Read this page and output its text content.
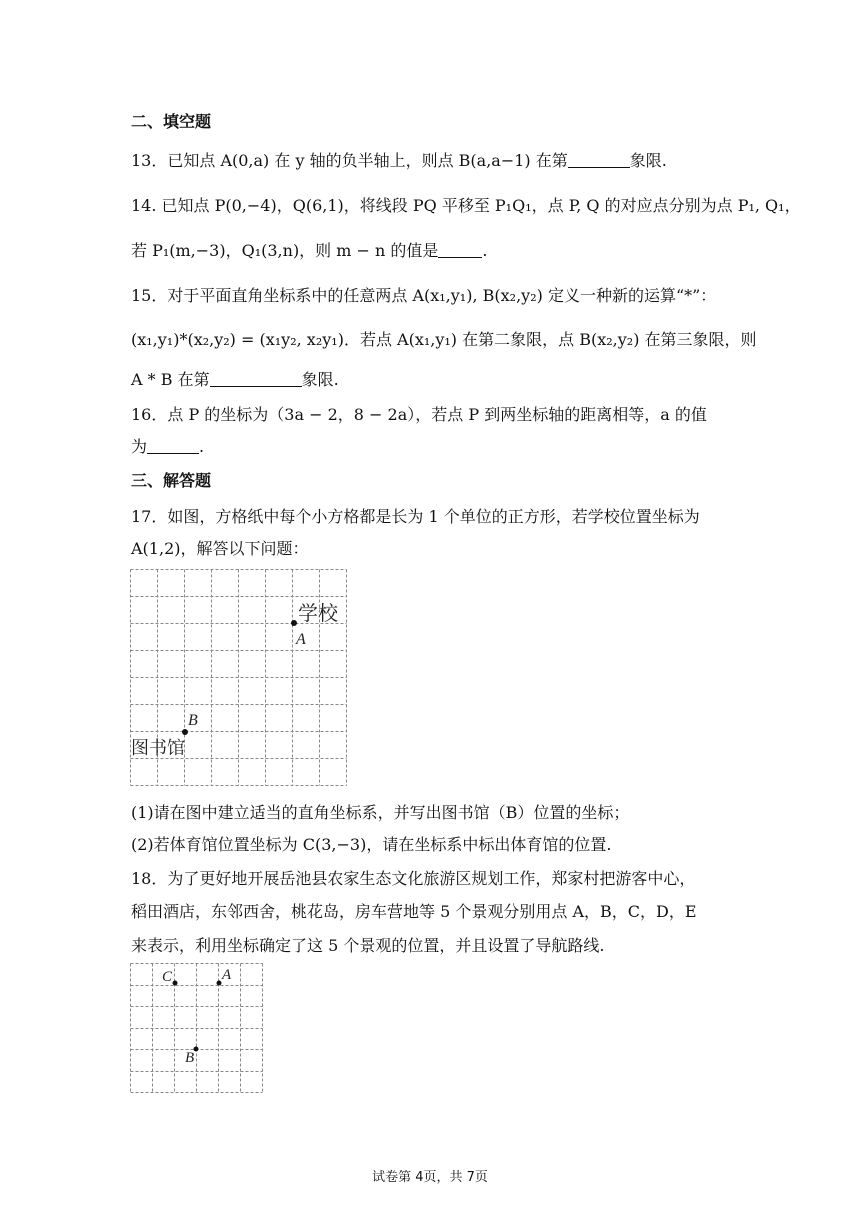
二、填空题
13．已知点 A(0,a) 在 y 轴的负半轴上，则点 B(a,a−1) 在第	象限.
14. 已知点 P(0,−4)，Q(6,1)，将线段 PQ 平移至 P₁Q₁，点 P, Q 的对应点分别为点 P₁, Q₁，
若 P₁(m,−3)，Q₁(3,n)，则 m − n 的值是	.
15．对于平面直角坐标系中的任意两点 A(x₁,y₁), B(x₂,y₂) 定义一种新的运算“*”：
(x₁,y₁)*(x₂,y₂) = (x₁y₂, x₂y₁)．若点 A(x₁,y₁) 在第二象限，点 B(x₂,y₂) 在第三象限，则
A * B 在第	象限.
16．点 P 的坐标为（3a − 2，8 − 2a），若点 P 到两坐标轴的距离相等，a 的值
为	.
三、解答题
17．如图，方格纸中每个小方格都是长为 1 个单位的正方形，若学校位置坐标为
A(1,2)，解答以下问题：
学校
A
B
图书馆
(1)请在图中建立适当的直角坐标系，并写出图书馆（B）位置的坐标；
(2)若体育馆位置坐标为 C(3,−3)，请在坐标系中标出体育馆的位置.
18．为了更好地开展岳池县农家生态文化旅游区规划工作，郑家村把游客中心，
稻田酒店，东邻西舍，桃花岛，房车营地等 5 个景观分别用点 A，B，C，D，E
来表示，利用坐标确定了这 5 个景观的位置，并且设置了导航路线.
C	A
B
试卷第 4页，共 7页
